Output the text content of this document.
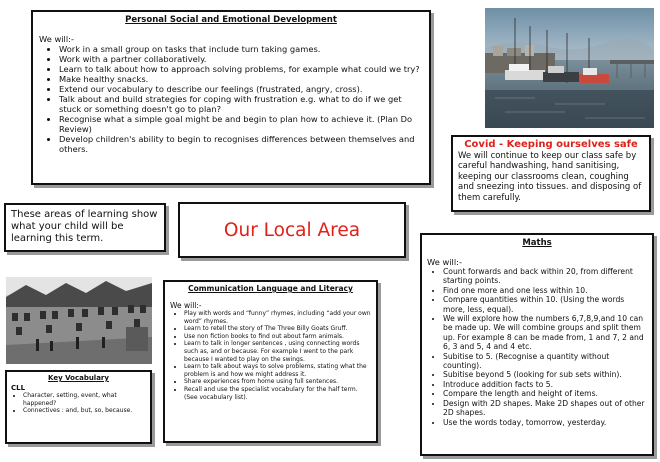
Personal Social and Emotional Development
We will:-
• Work in a small group on tasks that include turn taking games.
• Work with a partner collaboratively.
• Learn to talk about how to approach solving problems, for example what could we try?
• Make healthy snacks.
• Extend our vocabulary to describe our feelings (frustrated, angry, cross).
• Talk about and build strategies for coping with frustration e.g. what to do if we get stuck or something doesn't go to plan?
• Recognise what a simple goal might be and begin to plan how to achieve it. (Plan Do Review)
• Develop children's ability to begin to recognises differences between themselves and others.	Covid - Keeping ourselves safe

We will continue to keep our class safe by careful handwashing, hand sanitising, keeping our classrooms clean, coughing and sneezing into tissues. and disposing of them carefully.

These areas of learning show what your child will be learning this term.	Our Local Area
Communication Language and Literacy
We will:-
• Play with words and “funny” rhymes, including “add your own word” rhymes.
• Learn to retell the story of The Three Billy Goats Gruff.
• Use non fiction books to find out about farm animals.
• Learn to talk in longer sentences , using connecting words such as, and or because. For example I went to the park because I wanted to play on the swings.
• Learn to talk about ways to solve problems, stating what the problem is and how we might address it.
• Share experiences from home using full sentences.
• Recall and use the specialist vocabulary for the half term. (See vocabulary list).
Maths
We will:-
• Count forwards and back within 20, from different starting points.
• Find one more and one less within 10.
• Compare quantities within 10. (Using the words more, less, equal).
• We will explore how the numbers 6,7,8,9,and 10 can be made up. We will combine groups and split them up. For example 8 can be made from, 1 and 7, 2 and 6, 3 and 5, 4 and 4 etc.
• Subitise to 5. (Recognise a quantity without counting).
• Subitise beyond 5 (looking for sub sets within).
• Introduce addition facts to 5.
• Compare the length and height of items.
• Design with 2D shapes. Make 2D shapes out of other 2D shapes.
• Use the words today, tomorrow, yesterday.
Key Vocabulary
CLL
• Character, setting, event, what happened?
• Connectives : and, but, so, because.
